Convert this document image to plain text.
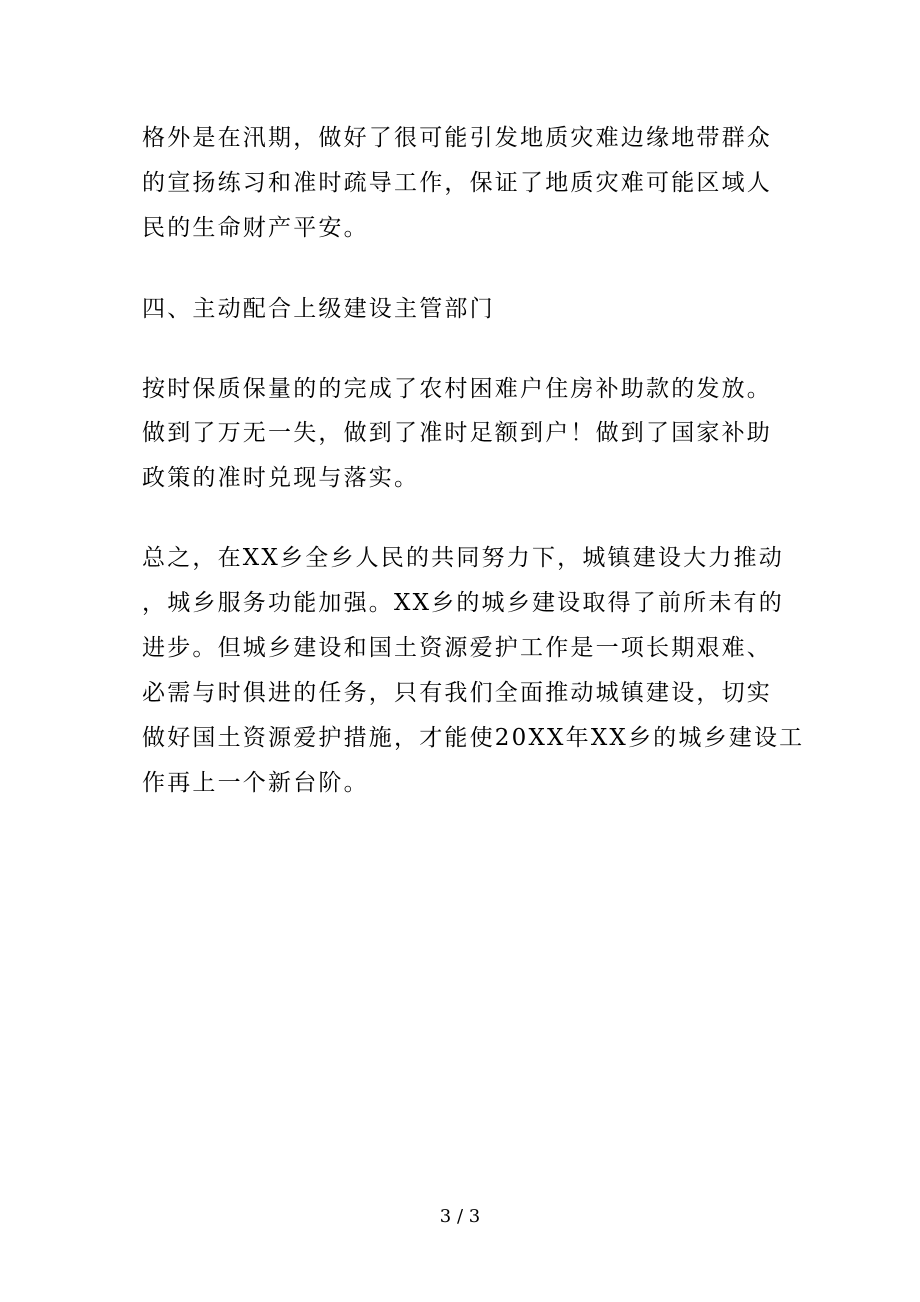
格外是在汛期，做好了很可能引发地质灾难边缘地带群众
的宣扬练习和准时疏导工作，保证了地质灾难可能区域人
民的生命财产平安。
四、主动配合上级建设主管部门
按时保质保量的的完成了农村困难户住房补助款的发放。
做到了万无一失，做到了准时足额到户！做到了国家补助
政策的准时兑现与落实。
总之，在XX乡全乡人民的共同努力下，城镇建设大力推动
，城乡服务功能加强。XX乡的城乡建设取得了前所未有的
进步。但城乡建设和国土资源爱护工作是一项长期艰难、
必需与时俱进的任务，只有我们全面推动城镇建设，切实
做好国土资源爱护措施，才能使20XX年XX乡的城乡建设工
作再上一个新台阶。
3 / 3
